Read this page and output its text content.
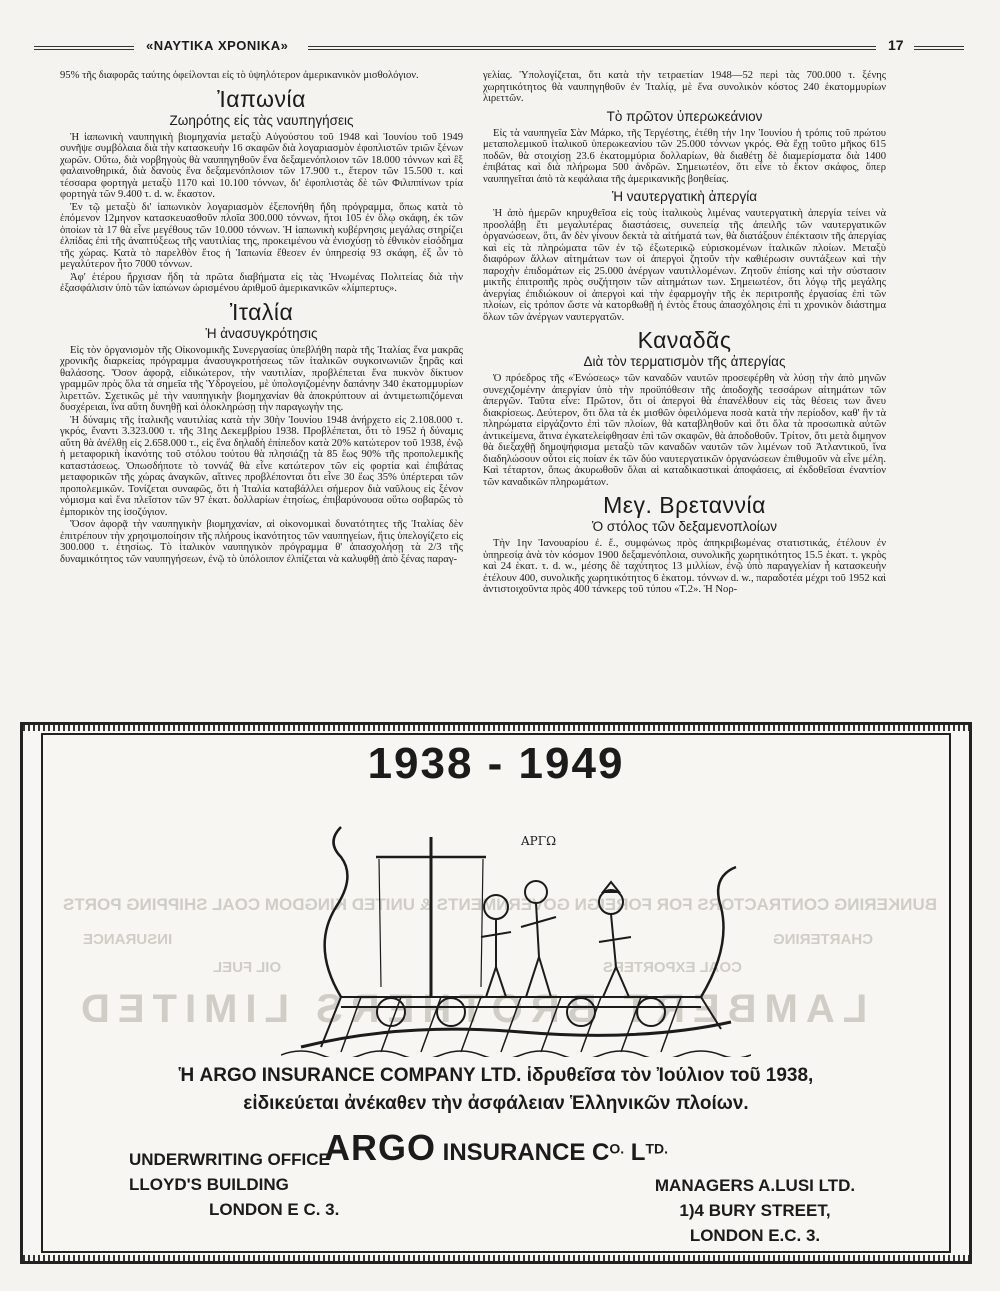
«ΝΑΥΤΙΚΑ ΧΡΟΝΙΚΑ»	17

95% τῆς διαφορᾶς ταύτης ὀφείλονται εἰς τὸ ὑψηλότερον ἀμερικανικὸν μισθολόγιον.

Ἰαπωνία
Ζωηρότης εἰς τὰς ναυπηγήσεις

Ἡ ἰαπωνικὴ ναυπηγικὴ βιομηχανία μεταξὺ Αὐγούστου τοῦ 1948 καὶ Ἰουνίου τοῦ 1949 συνῆψε συμβόλαια διὰ τὴν κατασκευὴν 16 σκαφῶν διὰ λογαριασμὸν ἐφοπλιστῶν τριῶν ξένων χωρῶν. Οὕτω, διὰ νορβηγοὺς θὰ ναυπηγηθοῦν ἕνα δεξαμενόπλοιον τῶν 18.000 τόννων καὶ ἓξ φαλαινοθηρικά, διὰ δανοὺς ἕνα δεξαμενόπλοιον τῶν 17.900 τ., ἕτερον τῶν 15.500 τ. καὶ τέσσαρα φορτηγὰ μεταξὺ 1170 καὶ 10.100 τόννων, δι' ἐφοπλιστὰς δὲ τῶν Φιλιππίνων τρία φορτηγὰ τῶν 9.400 τ. d. w. ἕκαστον.

Ἐν τῷ μεταξὺ δι' ἰαπωνικὸν λογαριασμὸν ἐξεπονήθη ἤδη πρόγραμμα, ὅπως κατὰ τὸ ἑπόμενον 12μηνον κατασκευασθοῦν πλοῖα 300.000 τόννων, ἤτοι 105 ἐν ὅλῳ σκάφη, ἐκ τῶν ὁποίων τὰ 17 θὰ εἶνε μεγέθους τῶν 10.000 τόννων. Ἡ ἰαπωνικὴ κυβέρνησις μεγάλας στηρίζει ἐλπίδας ἐπὶ τῆς ἀναπτύξεως τῆς ναυτιλίας της, προκειμένου νὰ ἐνισχύσῃ τὸ ἐθνικὸν εἰσόδημα τῆς χώρας. Κατὰ τὸ παρελθὸν ἔτος ἡ Ἰαπωνία ἔθεσεν ἐν ὑπηρεσίᾳ 93 σκάφη, ἐξ ὧν τὸ μεγαλύτερον ἦτο 7000 τόννων.

Ἀφ' ἑτέρου ἤρχισαν ἤδη τὰ πρῶτα διαβήματα εἰς τὰς Ἡνωμένας Πολιτείας διὰ τὴν ἐξασφάλισιν ὑπὸ τῶν ἰαπώνων ὡρισμένου ἀριθμοῦ ἀμερικανικῶν «λίμπερτυς».

Ἰταλία
Ἡ ἀνασυγκρότησις

Εἰς τὸν ὀργανισμὸν τῆς Οἰκονομικῆς Συνεργασίας ὑπεβλήθη παρὰ τῆς Ἰταλίας ἕνα μακρᾶς χρονικῆς διαρκείας πρόγραμμα ἀνασυγκροτήσεως τῶν ἰταλικῶν συγκοινωνιῶν ξηρᾶς καὶ θαλάσσης. Ὅσον ἀφορᾷ, εἰδικώτερον, τὴν ναυτιλίαν, προβλέπεται ἕνα πυκνὸν δίκτυον γραμμῶν πρὸς ὅλα τὰ σημεῖα τῆς Ὑδρογείου, μὲ ὑπολογιζομένην δαπάνην 340 ἑκατομμυρίων λιρεττῶν. Σχετικῶς μὲ τὴν ναυπηγικὴν βιομηχανίαν θὰ ἀποκρύπτουν αἱ ἀντιμετωπιζόμεναι δυσχέρειαι, ἵνα αὕτη δυνηθῇ καὶ ὁλοκληρώσῃ τὴν παραγωγὴν της.

Ἡ δύναμις τῆς ἰταλικῆς ναυτιλίας κατὰ τὴν 30ὴν Ἰουνίου 1948 ἀνήρχετο εἰς 2.108.000 τ. γκρός, ἔναντι 3.323.000 τ. τῆς 31ης Δεκεμβρίου 1938. Προβλέπεται, ὅτι τὸ 1952 ἡ δύναμις αὕτη θὰ ἀνέλθῃ εἰς 2.658.000 τ., εἰς ἕνα δηλαδὴ ἐπίπεδον κατὰ 20% κατώτερον τοῦ 1938, ἐνῷ ἡ μεταφορικὴ ἱκανότης τοῦ στόλου τούτου θὰ πλησιάζῃ τὰ 85 ἕως 90% τῆς προπολεμικῆς καταστάσεως. Ὁπωσδήποτε τὸ τοννάζ θὰ εἶνε κατώτερον τῶν εἰς φορτία καὶ ἐπιβάτας μεταφορικῶν τῆς χώρας ἀναγκῶν, αἵτινες προβλέπονται ὅτι εἶνε 30 ἕως 35% ὑπέρτεραι τῶν προπολεμικῶν. Τονίζεται συναφῶς, ὅτι ἡ Ἰταλία καταβάλλει σήμερον διὰ ναῦλους εἰς ξένον νόμισμα καὶ ἕνα πλεῖστον τῶν 97 ἑκατ. δολλαρίων ἐτησίως, ἐπιβαρύνουσα οὕτω σοβαρῶς τὸ ἐμπορικὸν της ἰσοζύγιον.

Ὅσον ἀφορᾷ τὴν ναυπηγικὴν βιομηχανίαν, αἱ οἰκονομικαὶ δυνατότητες τῆς Ἰταλίας δὲν ἐπιτρέπουν τὴν χρησιμοποίησιν τῆς πλήρους ἱκανότητος τῶν ναυπηγείων, ἥτις ὑπελογίζετο εἰς 300.000 τ. ἐτησίως. Τὸ ἰταλικὸν ναυπηγικὸν πρόγραμμα θ' ἀπασχολήσῃ τὰ 2/3 τῆς δυναμικότητος τῶν ναυπηγήσεων, ἐνῷ τὸ ὑπόλοιπον ἐλπίζεται νὰ καλυφθῇ ἀπὸ ξένας παραγ-

γελίας. Ὑπολογίζεται, ὅτι κατὰ τὴν τετραετίαν 1948—52 περὶ τὰς 700.000 τ. ξένης χωρητικότητος θὰ ναυπηγηθοῦν ἐν Ἰταλίᾳ, μὲ ἕνα συνολικὸν κόστος 240 ἑκατομμυρίων λιρεττῶν.

Τὸ πρῶτον ὑπερωκεάνιον

Εἰς τὰ ναυπηγεῖα Σὰν Μάρκο, τῆς Τεργέστης, ἐτέθη τὴν 1ην Ἰουνίου ἡ τρόπις τοῦ πρώτου μεταπολεμικοῦ ἰταλικοῦ ὑπερωκεανίου τῶν 25.000 τόννων γκρός. Θὰ ἔχῃ τοῦτο μῆκος 615 ποδῶν, θὰ στοιχίσῃ 23.6 ἑκατομμύρια δολλαρίων, θὰ διαθέτῃ δὲ διαμερίσματα διὰ 1400 ἐπιβάτας καὶ διὰ πλήρωμα 500 ἀνδρῶν. Σημειωτέον, ὅτι εἶνε τὸ ἕκτον σκάφος, ὅπερ ναυπηγεῖται ἀπὸ τὰ κεφάλαια τῆς ἀμερικανικῆς βοηθείας.

Ἡ ναυτεργατικὴ ἀπεργία

Ἡ ἀπὸ ἡμερῶν κηρυχθεῖσα εἰς τοὺς ἰταλικοὺς λιμένας ναυτεργατικὴ ἀπεργία τείνει νὰ προσλάβῃ ἔτι μεγαλυτέρας διαστάσεις, συνεπείᾳ τῆς ἀπειλῆς τῶν ναυτεργατικῶν ὀργανώσεων, ὅτι, ἂν δὲν γίνουν δεκτὰ τὰ αἰτήματά των, θὰ διατάξουν ἐπέκτασιν τῆς ἀπεργίας καὶ εἰς τὰ πληρώματα τῶν ἐν τῷ ἐξωτερικῷ εὑρισκομένων ἰταλικῶν πλοίων. Μεταξὺ διαφόρων ἄλλων αἰτημάτων των οἱ ἀπεργοὶ ζητοῦν τὴν καθιέρωσιν συντάξεων καὶ τὴν παροχὴν ἐπιδομάτων εἰς 25.000 ἀνέργων ναυτιλλομένων. Ζητοῦν ἐπίσης καὶ τὴν σύστασιν μικτῆς ἐπιτροπῆς πρὸς συζήτησιν τῶν αἰτημάτων των. Σημειωτέον, ὅτι λόγῳ τῆς μεγάλης ἀνεργίας ἐπιδιώκουν οἱ ἀπεργοὶ καὶ τὴν ἐφαρμογὴν τῆς ἐκ περιτροπῆς ἐργασίας ἐπὶ τῶν πλοίων, εἰς τρόπον ὥστε νὰ κατορθωθῇ ἡ ἐντὸς ἔτους ἀπασχόλησις ἐπὶ τι χρονικὸν διάστημα ὅλων τῶν ἀνέργων ναυτεργατῶν.

Καναδᾶς
Διὰ τὸν τερματισμὸν τῆς ἀπεργίας

Ὁ πρόεδρος τῆς «Ἑνώσεως» τῶν καναδῶν ναυτῶν προσεφέρθη νὰ λύσῃ τὴν ἀπὸ μηνῶν συνεχιζομένην ἀπεργίαν ὑπὸ τὴν προϋπόθεσιν τῆς ἀποδοχῆς τεσσάρων αἰτημάτων τῶν ἀπεργῶν. Ταῦτα εἶνε: Πρῶτον, ὅτι οἱ ἀπεργοὶ θὰ ἐπανέλθουν εἰς τὰς θέσεις των ἄνευ διακρίσεως. Δεύτερον, ὅτι ὅλα τὰ ἐκ μισθῶν ὀφειλόμενα ποσὰ κατὰ τὴν περίοδον, καθ' ἣν τὰ πληρώματα εἰργάζοντο ἐπὶ τῶν πλοίων, θὰ καταβληθοῦν καὶ ὅτι ὅλα τὰ προσωπικὰ αὐτῶν ἀντικείμενα, ἅτινα ἐγκατελείφθησαν ἐπὶ τῶν σκαφῶν, θὰ ἀποδοθοῦν. Τρίτον, ὅτι μετὰ διμηνον θὰ διεξαχθῇ δημοψήφισμα μεταξὺ τῶν καναδῶν ναυτῶν τῶν λιμένων τοῦ Ἀτλαντικοῦ, ἵνα διαδηλώσουν οὗτοι εἰς ποίαν ἐκ τῶν δύο ναυτεργατικῶν ὀργανώσεων ἐπιθυμοῦν νὰ εἶνε μέλη. Καὶ τέταρτον, ὅπως ἀκυρωθοῦν ὅλαι αἱ καταδικαστικαὶ ἀποφάσεις, αἱ ἐκδοθεῖσαι ἐναντίον τῶν καναδικῶν πληρωμάτων.

Μεγ. Βρεταννία
Ὁ στόλος τῶν δεξαμενοπλοίων

Τὴν 1ην Ἰανουαρίου ἐ. ἔ., συμφώνως πρὸς ἀπηκριβωμένας στατιστικάς, ἐτέλουν ἐν ὑπηρεσίᾳ ἀνὰ τὸν κόσμον 1900 δεξαμενόπλοια, συνολικῆς χωρητικότητος 15.5 ἑκατ. τ. γκρὸς καὶ 24 ἑκατ. τ. d. w., μέσης δὲ ταχύτητος 13 μιλλίων, ἐνῷ ὑπὸ παραγγελίαν ἦ κατασκευὴν ἐτέλουν 400, συνολικῆς χωρητικότητος 6 ἑκατομ. τόννων d. w., παραδοτέα μέχρι τοῦ 1952 καὶ ἀντιστοιχοῦντα πρὸς 400 τάνκερς τοῦ τύπου «Τ.2». Ἡ Νορ-

BUNKERING CONTRACTORS FOR FOREIGN GOVERNMENTS & UNITED KINGDOM COAL SHIPPING PORTS
INSURANCE	CHARTERING
OIL FUEL	COAL EXPORTERS
LAMBERT BROTHERS LIMITED
1938 - 1949
ΑΡΓΩ
Ἡ ARGO INSURANCE COMPANY LTD. ἱδρυθεῖσα τὸν Ἰούλιον τοῦ 1938,
εἰδικεύεται ἀνέκαθεν τὴν ἀσφάλειαν Ἑλληνικῶν πλοίων.
ARGO INSURANCE $C^{O.}$ $L^{TD.}$
UNDERWRITING OFFICE
LLOYD'S BUILDING
LONDON E C. 3.
MANAGERS A.LUSI LTD.
1)4 BURY STREET,
LONDON E.C. 3.
